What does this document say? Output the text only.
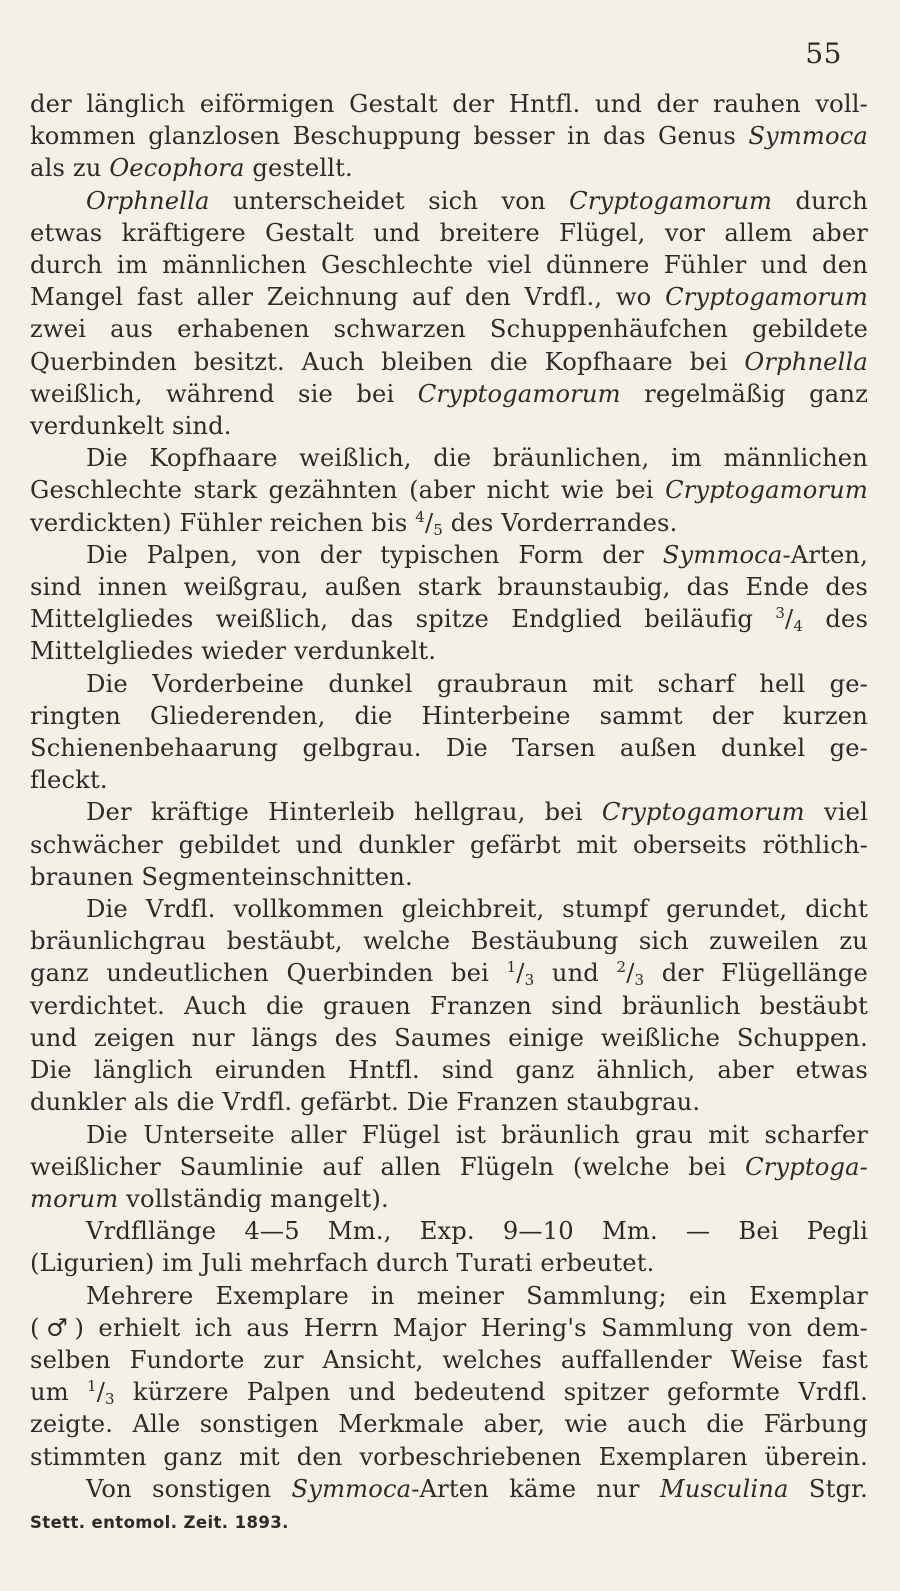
55
der länglich eiförmigen Gestalt der Hntfl. und der rauhen voll-
kommen glanzlosen Beschuppung besser in das Genus Symmoca
als zu Oecophora gestellt.
Orphnella unterscheidet sich von Cryptogamorum durch
etwas kräftigere Gestalt und breitere Flügel, vor allem aber
durch im männlichen Geschlechte viel dünnere Fühler und den
Mangel fast aller Zeichnung auf den Vrdfl., wo Cryptogamorum
zwei aus erhabenen schwarzen Schuppenhäufchen gebildete
Querbinden besitzt. Auch bleiben die Kopfhaare bei Orphnella
weißlich, während sie bei Cryptogamorum regelmäßig ganz
verdunkelt sind.
Die Kopfhaare weißlich, die bräunlichen, im männlichen
Geschlechte stark gezähnten (aber nicht wie bei Cryptogamorum
verdickten) Fühler reichen bis $^4/_5$ des Vorderrandes.
Die Palpen, von der typischen Form der Symmoca-Arten,
sind innen weißgrau, außen stark braunstaubig, das Ende des
Mittelgliedes weißlich, das spitze Endglied beiläufig $^3/_4$ des
Mittelgliedes wieder verdunkelt.
Die Vorderbeine dunkel graubraun mit scharf hell ge-
ringten Gliederenden, die Hinterbeine sammt der kurzen
Schienenbehaarung gelbgrau. Die Tarsen außen dunkel ge-
fleckt.
Der kräftige Hinterleib hellgrau, bei Cryptogamorum viel
schwächer gebildet und dunkler gefärbt mit oberseits röthlich-
braunen Segmenteinschnitten.
Die Vrdfl. vollkommen gleichbreit, stumpf gerundet, dicht
bräunlichgrau bestäubt, welche Bestäubung sich zuweilen zu
ganz undeutlichen Querbinden bei $^1/_3$ und $^2/_3$ der Flügellänge
verdichtet. Auch die grauen Franzen sind bräunlich bestäubt
und zeigen nur längs des Saumes einige weißliche Schuppen.
Die länglich eirunden Hntfl. sind ganz ähnlich, aber etwas
dunkler als die Vrdfl. gefärbt. Die Franzen staubgrau.
Die Unterseite aller Flügel ist bräunlich grau mit scharfer
weißlicher Saumlinie auf allen Flügeln (welche bei Cryptoga-
morum vollständig mangelt).
Vrdfllänge 4—5 Mm., Exp. 9—10 Mm. — Bei Pegli
(Ligurien) im Juli mehrfach durch Turati erbeutet.
Mehrere Exemplare in meiner Sammlung; ein Exemplar
(♂) erhielt ich aus Herrn Major Hering's Sammlung von dem-
selben Fundorte zur Ansicht, welches auffallender Weise fast
um $^1/_3$ kürzere Palpen und bedeutend spitzer geformte Vrdfl.
zeigte. Alle sonstigen Merkmale aber, wie auch die Färbung
stimmten ganz mit den vorbeschriebenen Exemplaren überein.
Von sonstigen Symmoca-Arten käme nur Musculina Stgr.
Stett. entomol. Zeit. 1893.
